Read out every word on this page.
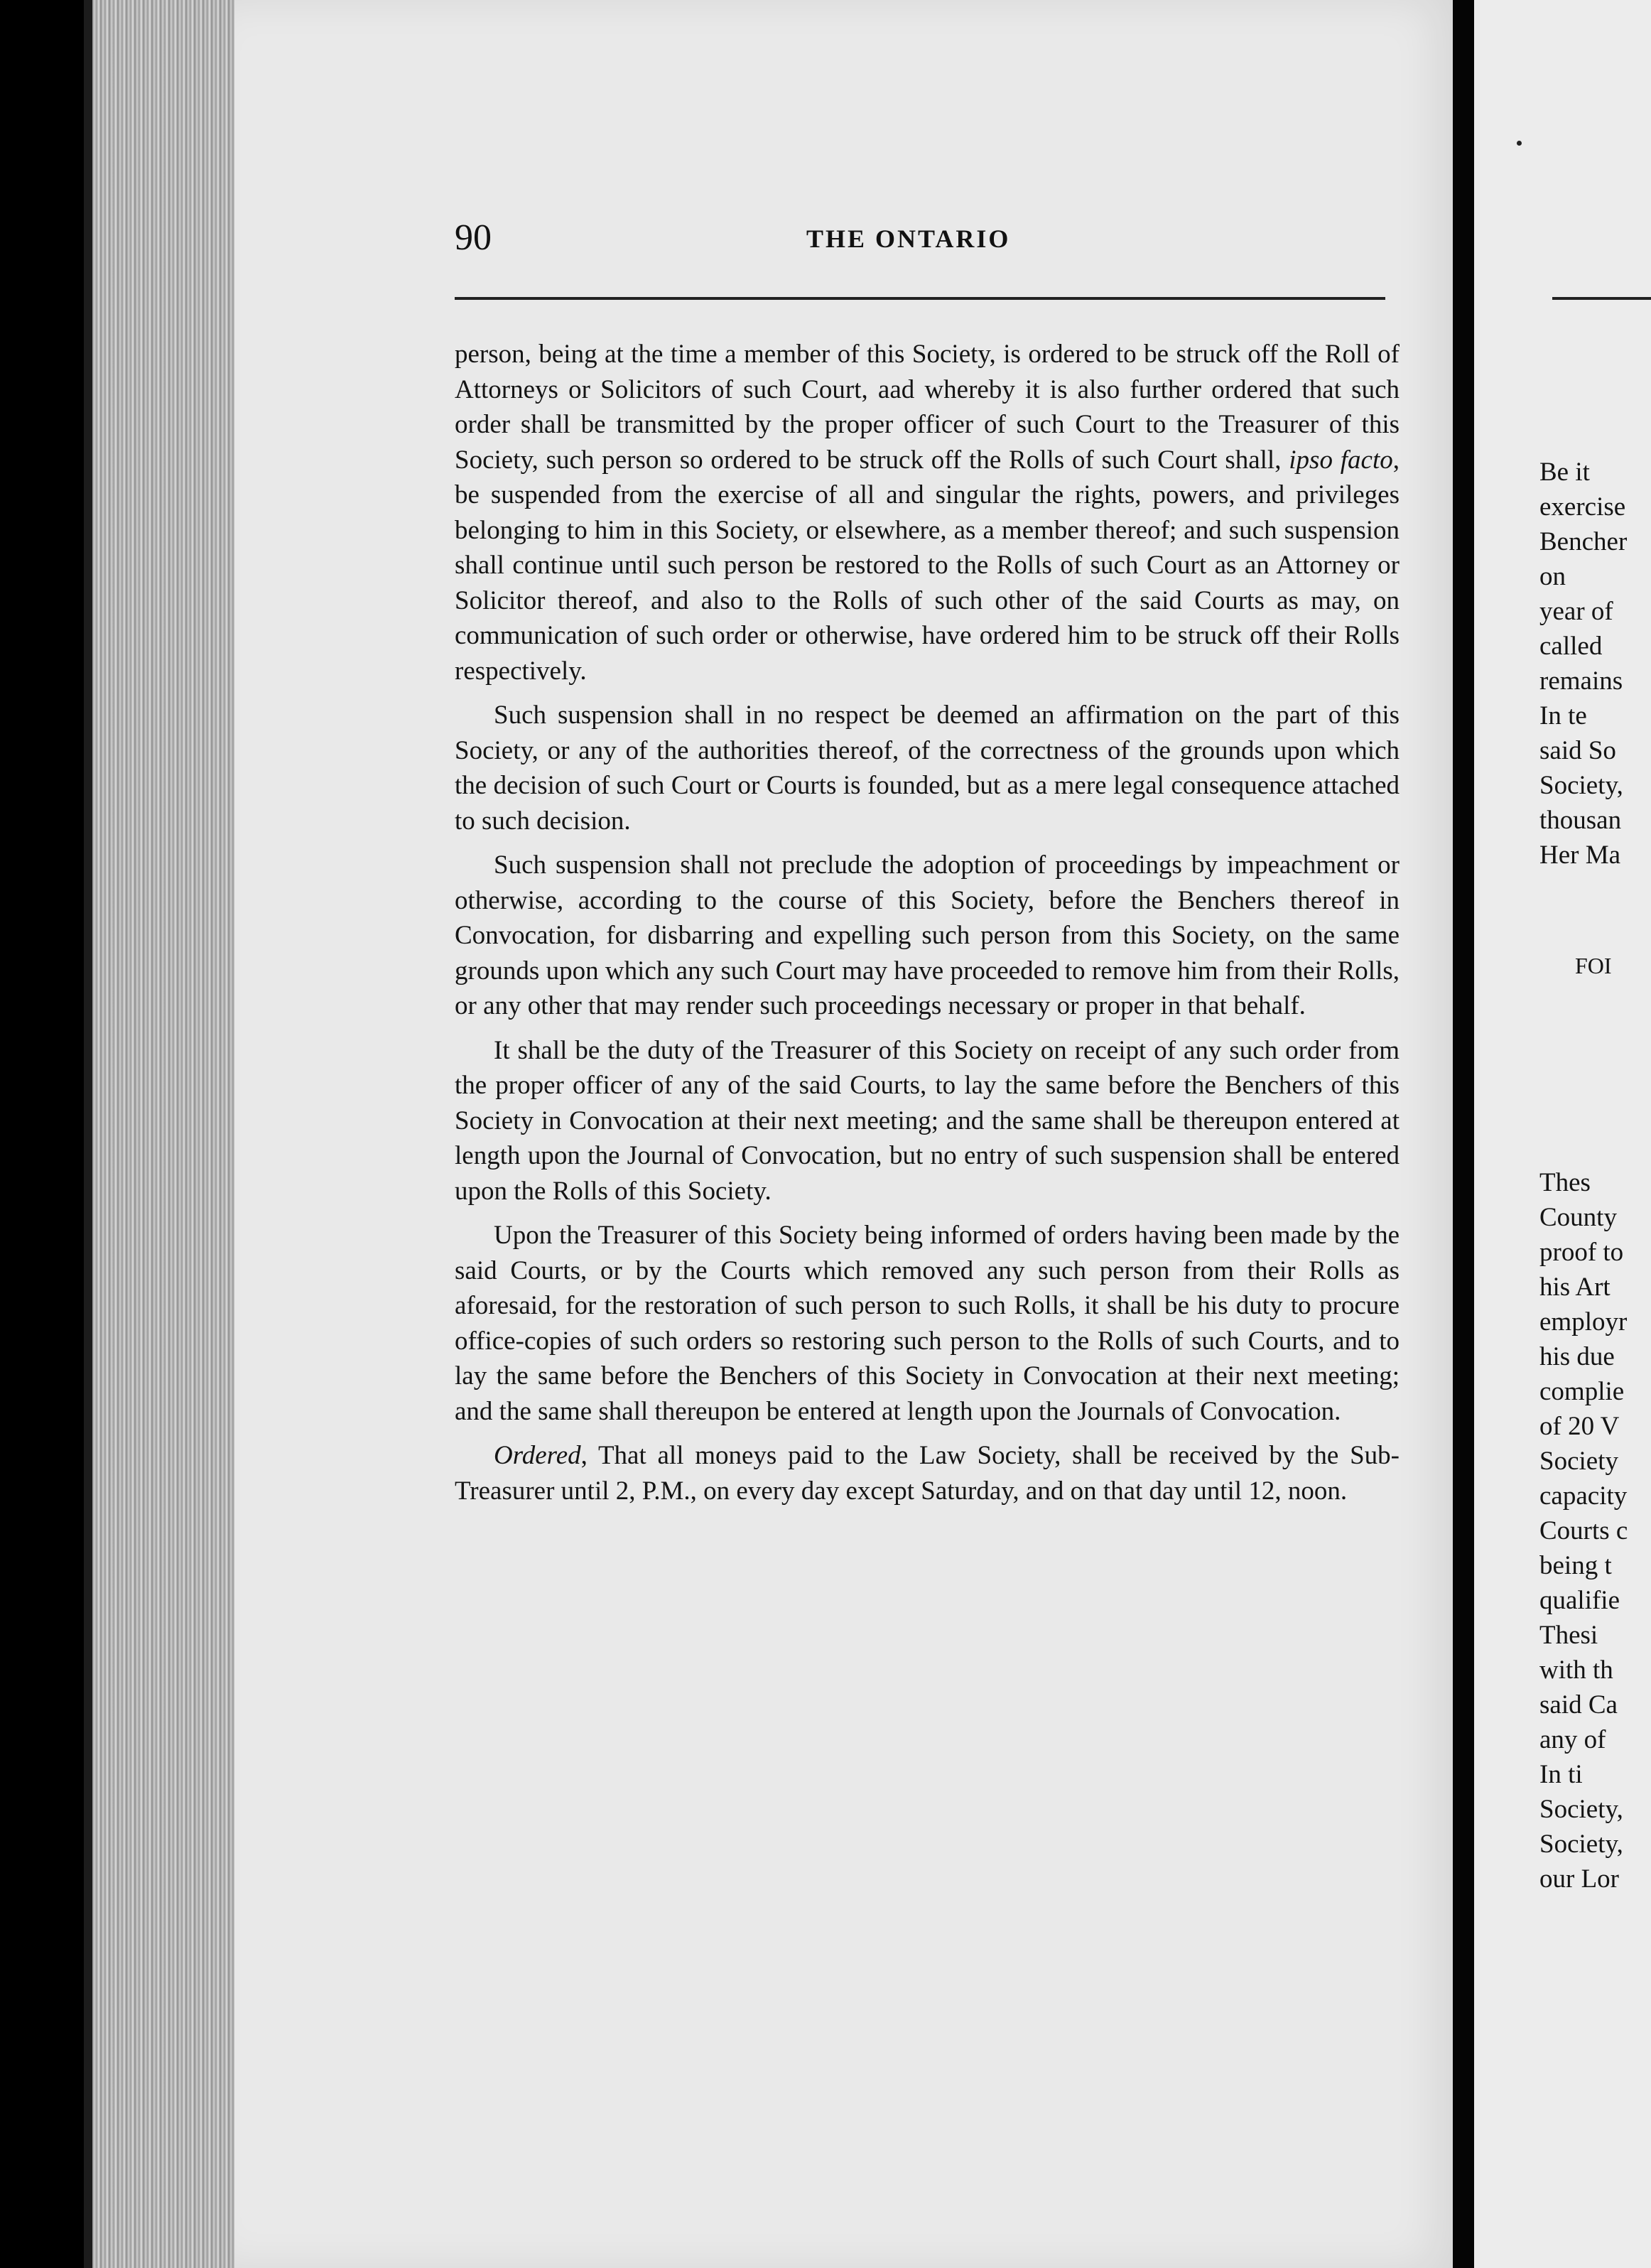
90	THE ONTARIO

person, being at the time a member of this Society, is ordered to be struck off the Roll of Attorneys or Solicitors of such Court, aad whereby it is also further ordered that such order shall be transmitted by the proper officer of such Court to the Treasurer of this Society, such person so ordered to be struck off the Rolls of such Court shall, ipso facto, be suspended from the exercise of all and singular the rights, powers, and privileges belonging to him in this Society, or elsewhere, as a member thereof; and such suspension shall continue until such person be restored to the Rolls of such Court as an Attorney or Solicitor thereof, and also to the Rolls of such other of the said Courts as may, on communication of such order or otherwise, have ordered him to be struck off their Rolls respectively.

Such suspension shall in no respect be deemed an affirmation on the part of this Society, or any of the authorities thereof, of the correctness of the grounds upon which the decision of such Court or Courts is founded, but as a mere legal consequence attached to such decision.

Such suspension shall not preclude the adoption of proceedings by impeachment or otherwise, according to the course of this Society, before the Benchers thereof in Convocation, for disbarring and expelling such person from this Society, on the same grounds upon which any such Court may have proceeded to remove him from their Rolls, or any other that may render such proceedings necessary or proper in that behalf.

It shall be the duty of the Treasurer of this Society on receipt of any such order from the proper officer of any of the said Courts, to lay the same before the Benchers of this Society in Convocation at their next meeting; and the same shall be thereupon entered at length upon the Journal of Convocation, but no entry of such suspension shall be entered upon the Rolls of this Society.

Upon the Treasurer of this Society being informed of orders having been made by the said Courts, or by the Courts which removed any such person from their Rolls as aforesaid, for the restoration of such person to such Rolls, it shall be his duty to procure office-copies of such orders so restoring such person to the Rolls of such Courts, and to lay the same before the Benchers of this Society in Convocation at their next meeting; and the same shall thereupon be entered at length upon the Journals of Convocation.

Ordered, That all moneys paid to the Law Society, shall be received by the Sub-Treasurer until 2, P.M., on every day except Saturday, and on that day until 12, noon.

Be it
exercise
Bencher
on
year of
called
remains
In te
said So
Society,
thousan
Her Ma
FOI
Thes
County
proof to
his Art
employr
his due
complie
of 20 V
Society
capacity
Courts c
being t
qualifie
Thesi
with th
said Ca
any of
In ti
Society,
Society,
our Lor
